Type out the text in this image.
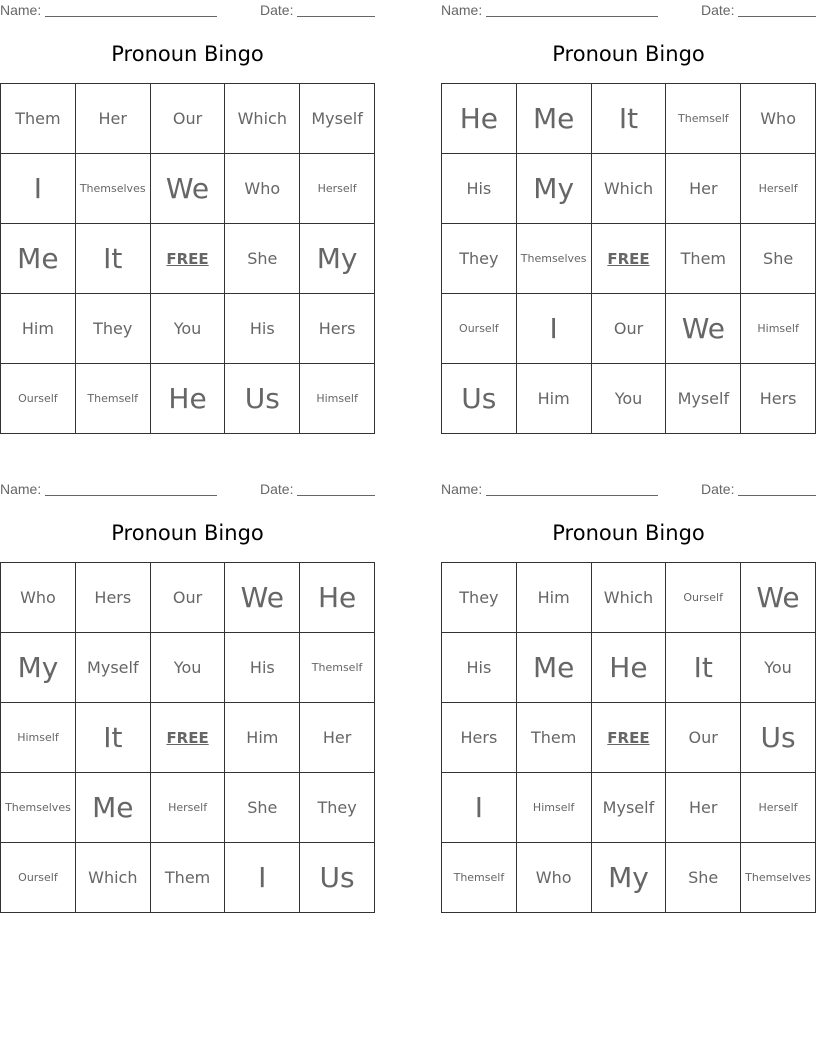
Name:	Date:
Pronoun Bingo
Them	Her	Our	Which	Myself
I	Themselves	We	Who	Herself
Me	It	FREE	She	My
Him	They	You	His	Hers
Ourself	Themself	He	Us	Himself
Name:	Date:
Pronoun Bingo
He	Me	It	Themself	Who
His	My	Which	Her	Herself
They	Themselves	FREE	Them	She
Ourself	I	Our	We	Himself
Us	Him	You	Myself	Hers
Name:	Date:
Pronoun Bingo
Who	Hers	Our	We	He
My	Myself	You	His	Themself
Himself	It	FREE	Him	Her
Themselves	Me	Herself	She	They
Ourself	Which	Them	I	Us
Name:	Date:
Pronoun Bingo
They	Him	Which	Ourself	We
His	Me	He	It	You
Hers	Them	FREE	Our	Us
I	Himself	Myself	Her	Herself
Themself	Who	My	She	Themselves
